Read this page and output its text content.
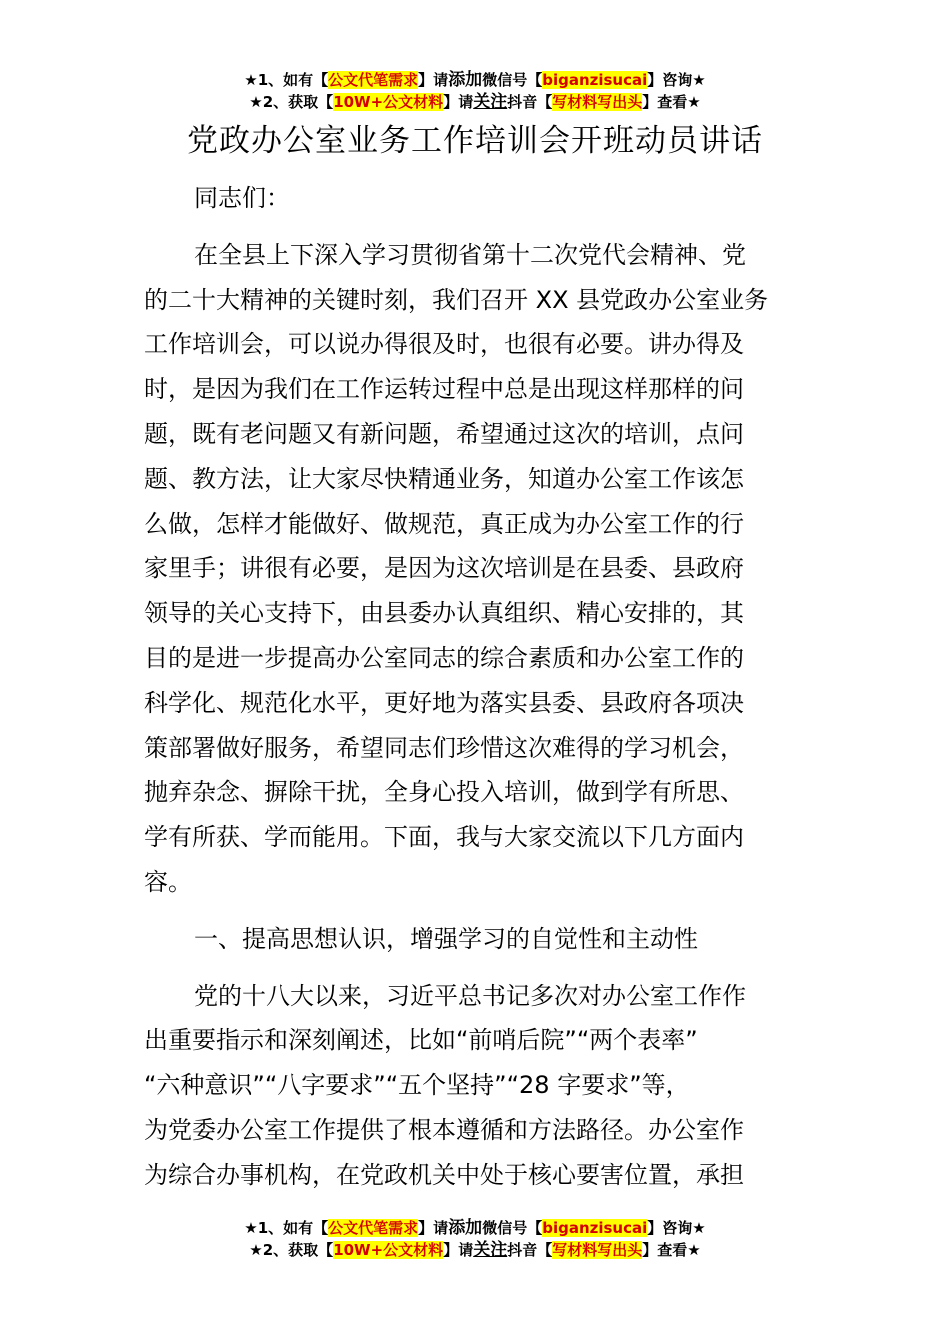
★1、如有【公文代笔需求】请添加微信号【biganzisucai】咨询★
★2、获取【10W+公文材料】请关注抖音【写材料写出头】查看★
党政办公室业务工作培训会开班动员讲话
同志们：
在全县上下深入学习贯彻省第十二次党代会精神、党
的二十大精神的关键时刻，我们召开 XX 县党政办公室业务
工作培训会，可以说办得很及时，也很有必要。讲办得及
时，是因为我们在工作运转过程中总是出现这样那样的问
题，既有老问题又有新问题，希望通过这次的培训，点问
题、教方法，让大家尽快精通业务，知道办公室工作该怎
么做，怎样才能做好、做规范，真正成为办公室工作的行
家里手；讲很有必要，是因为这次培训是在县委、县政府
领导的关心支持下，由县委办认真组织、精心安排的，其
目的是进一步提高办公室同志的综合素质和办公室工作的
科学化、规范化水平，更好地为落实县委、县政府各项决
策部署做好服务，希望同志们珍惜这次难得的学习机会，
抛弃杂念、摒除干扰，全身心投入培训，做到学有所思、
学有所获、学而能用。下面，我与大家交流以下几方面内
容。
一、提高思想认识，增强学习的自觉性和主动性
党的十八大以来，习近平总书记多次对办公室工作作
出重要指示和深刻阐述，比如“前哨后院”“两个表率”
“六种意识”“八字要求”“五个坚持”“28 字要求”等，
为党委办公室工作提供了根本遵循和方法路径。办公室作
为综合办事机构，在党政机关中处于核心要害位置，承担
★1、如有【公文代笔需求】请添加微信号【biganzisucai】咨询★
★2、获取【10W+公文材料】请关注抖音【写材料写出头】查看★
